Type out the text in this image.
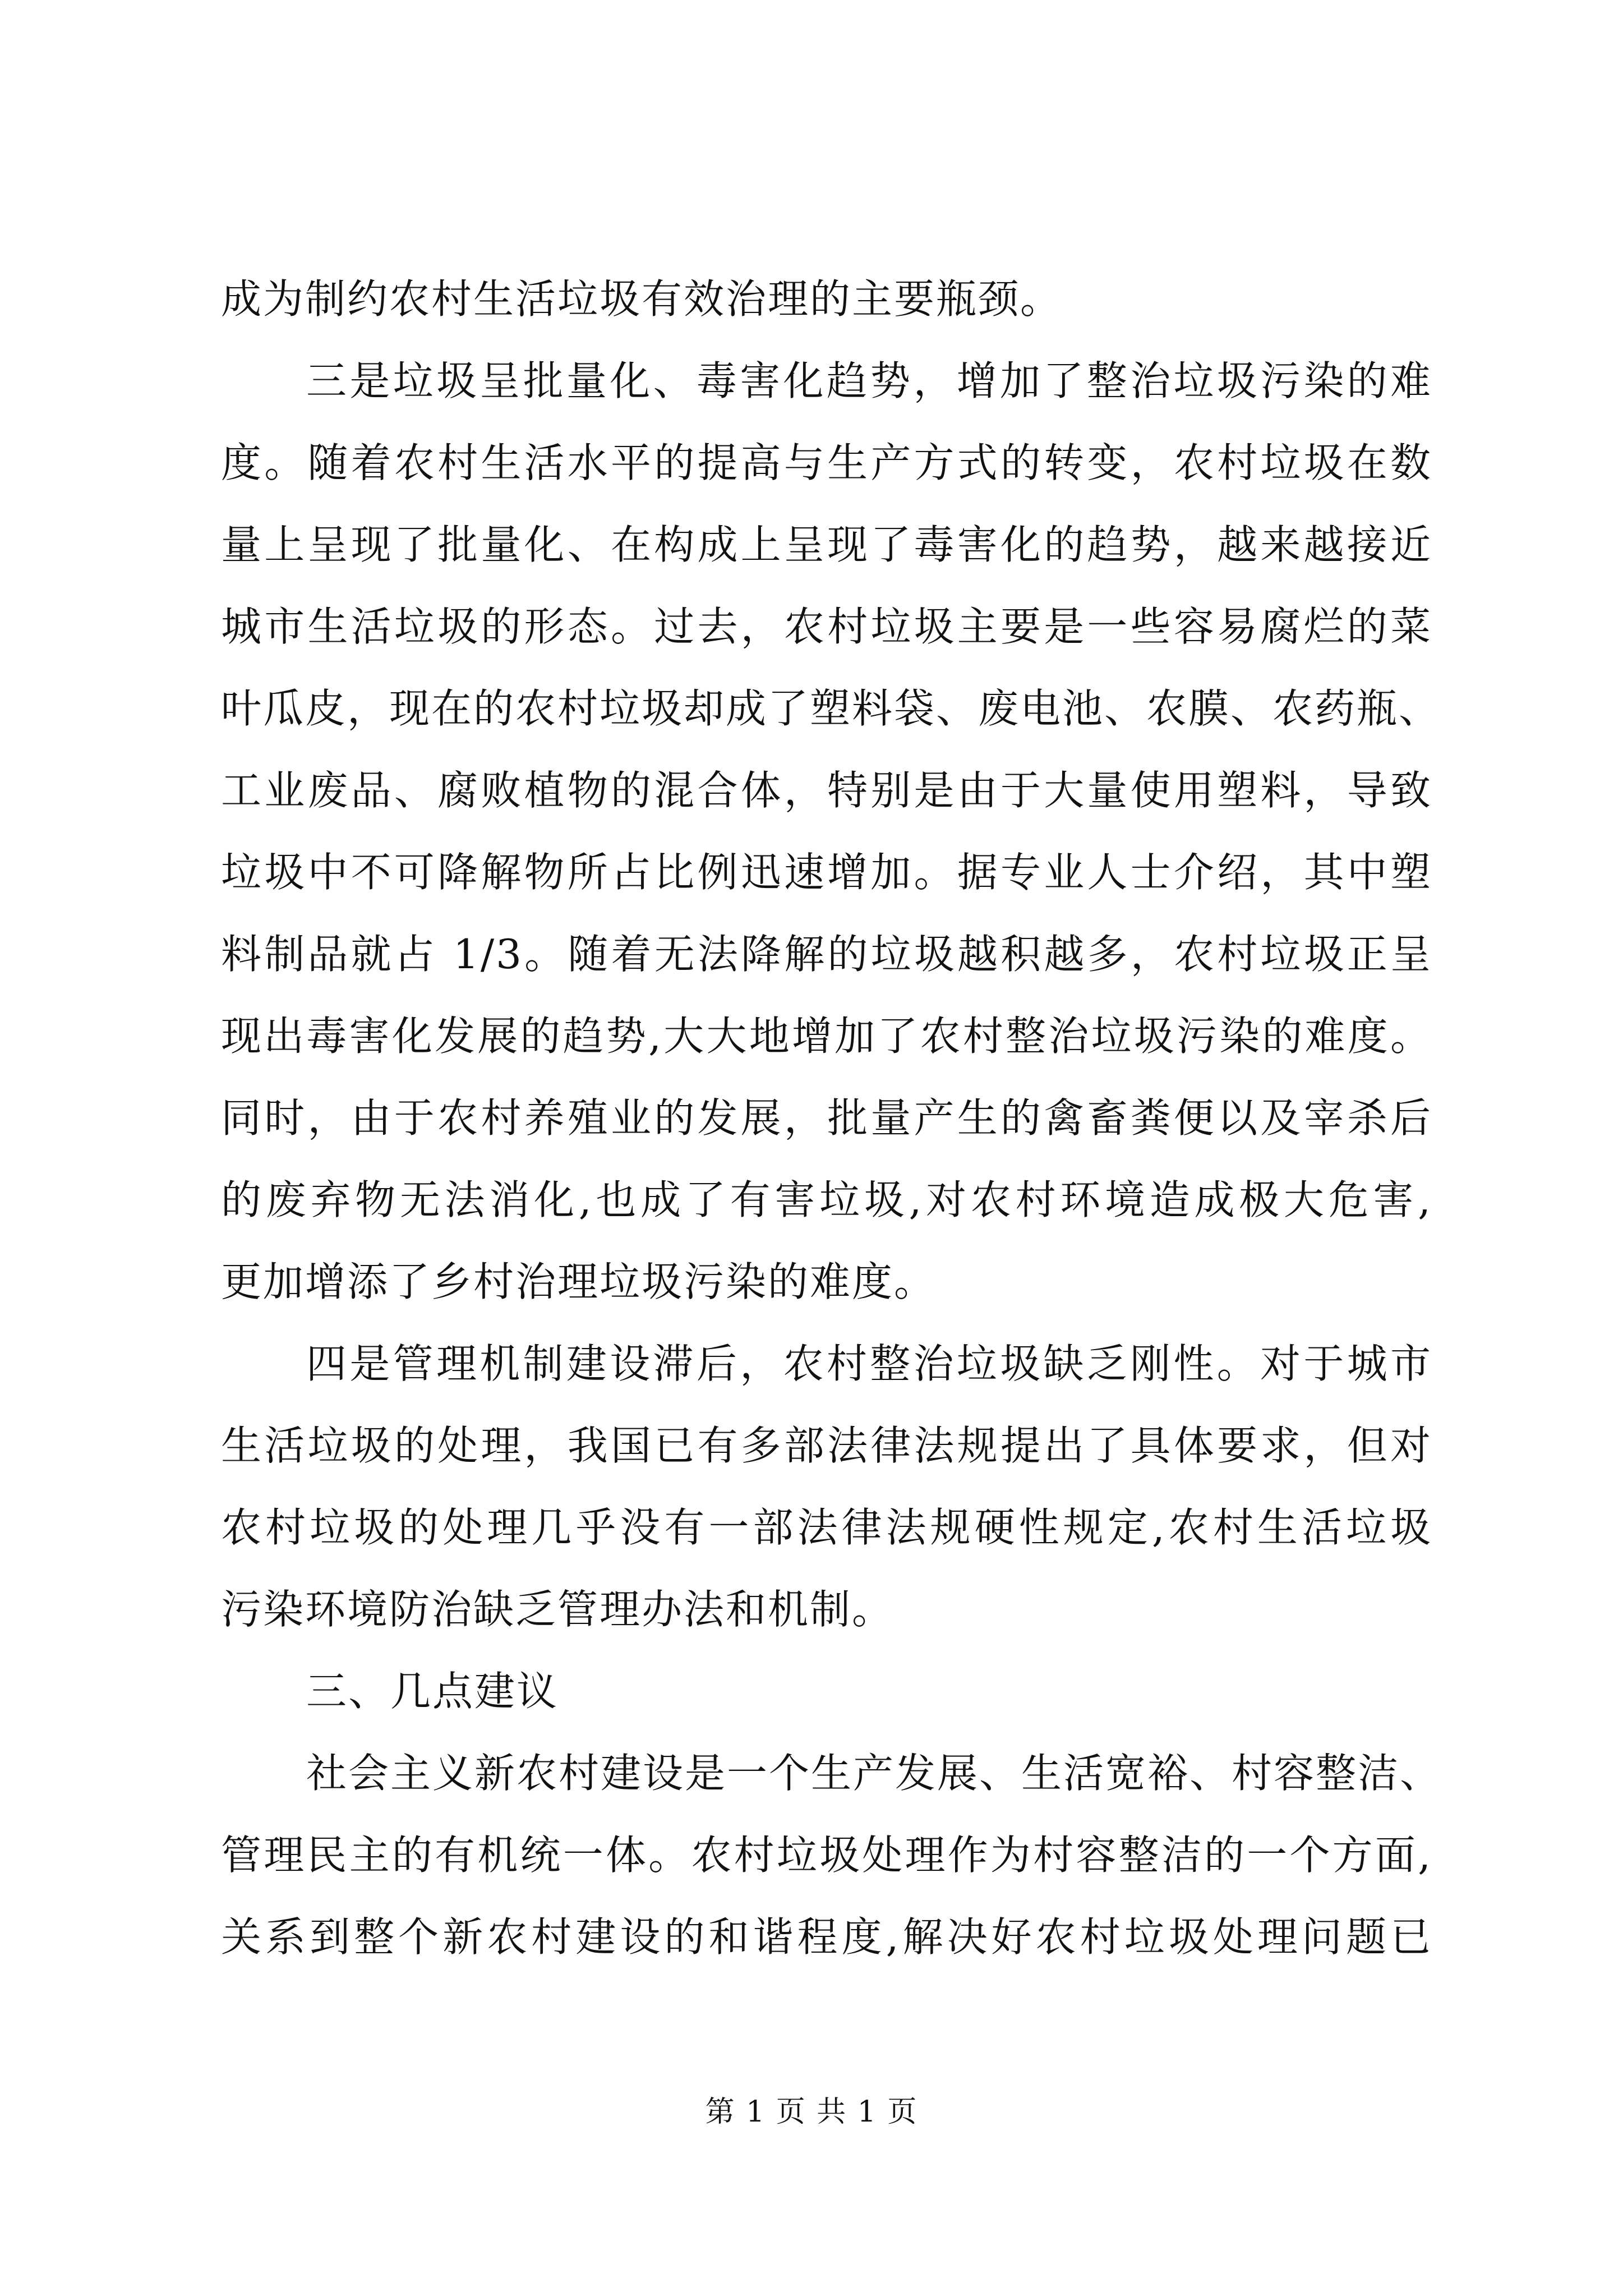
成为制约农村生活垃圾有效治理的主要瓶颈。
三是垃圾呈批量化、毒害化趋势，增加了整治垃圾污染的难
度。随着农村生活水平的提高与生产方式的转变，农村垃圾在数
量上呈现了批量化、在构成上呈现了毒害化的趋势，越来越接近
城市生活垃圾的形态。过去，农村垃圾主要是一些容易腐烂的菜
叶瓜皮，现在的农村垃圾却成了塑料袋、废电池、农膜、农药瓶、
工业废品、腐败植物的混合体，特别是由于大量使用塑料，导致
垃圾中不可降解物所占比例迅速增加。据专业人士介绍，其中塑
料制品就占 1/3。随着无法降解的垃圾越积越多，农村垃圾正呈
现出毒害化发展的趋势,大大地增加了农村整治垃圾污染的难度。
同时，由于农村养殖业的发展，批量产生的禽畜粪便以及宰杀后
的废弃物无法消化,也成了有害垃圾,对农村环境造成极大危害,
更加增添了乡村治理垃圾污染的难度。
四是管理机制建设滞后，农村整治垃圾缺乏刚性。对于城市
生活垃圾的处理，我国已有多部法律法规提出了具体要求，但对
农村垃圾的处理几乎没有一部法律法规硬性规定,农村生活垃圾
污染环境防治缺乏管理办法和机制。
三、几点建议
社会主义新农村建设是一个生产发展、生活宽裕、村容整洁、
管理民主的有机统一体。农村垃圾处理作为村容整洁的一个方面,
关系到整个新农村建设的和谐程度,解决好农村垃圾处理问题已
第 1 页 共 1 页
